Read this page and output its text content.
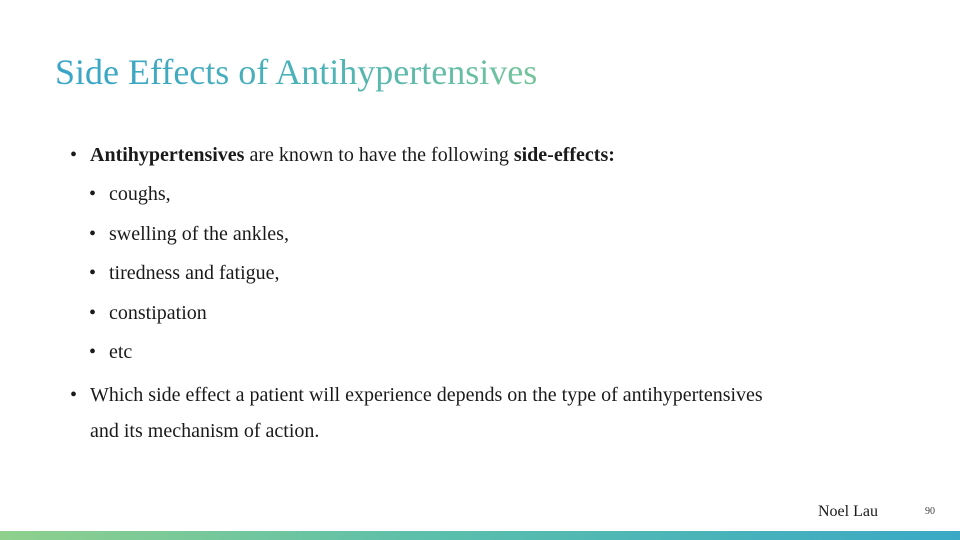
Side Effects of Antihypertensives
• Antihypertensives are known to have the following side-effects:
• coughs,
• swelling of the ankles,
• tiredness and fatigue,
• constipation
• etc
• Which side effect a patient will experience depends on the type of antihypertensives
and its mechanism of action.
Noel Lau	90
